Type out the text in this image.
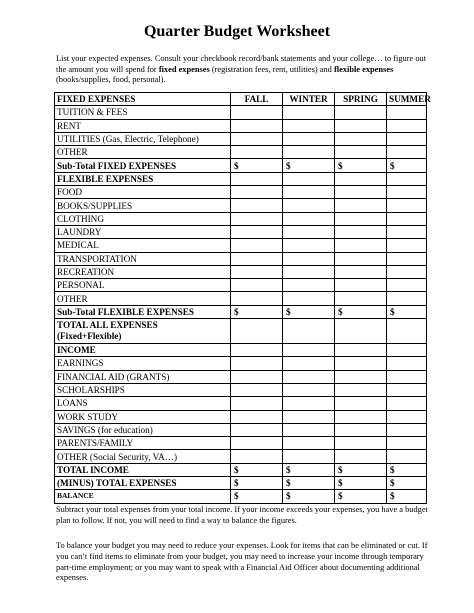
Quarter Budget Worksheet
List your expected expenses. Consult your checkbook record/bank statements and your college… to figure out the amount you will spend for fixed expenses (registration fees, rent, utilities) and flexible expenses (books/supplies, food, personal).
FIXED EXPENSES	FALL	WINTER	SPRING	SUMMER
TUITION & FEES				
RENT				
UTILITIES (Gas, Electric, Telephone)				
OTHER				
Sub-Total FIXED EXPENSES	$	$	$	$
FLEXIBLE EXPENSES				
FOOD				
BOOKS/SUPPLIES				
CLOTHING				
LAUNDRY				
MEDICAL				
TRANSPORTATION				
RECREATION				
PERSONAL				
OTHER				
Sub-Total FLEXIBLE EXPENSES	$	$	$	$
TOTAL ALL EXPENSES
(Fixed+Flexible)				
INCOME				
EARNINGS				
FINANCIAL AID (GRANTS)				
SCHOLARSHIPS				
LOANS				
WORK STUDY				
SAVINGS (for education)				
PARENTS/FAMILY				
OTHER (Social Security, VA…)				
TOTAL INCOME	$	$	$	$
(MINUS) TOTAL EXPENSES	$	$	$	$
BALANCE	$	$	$	$
Subtract your total expenses from your total income. If your income exceeds your expenses, you have a budget plan to follow. If not, you will need to find a way to balance the figures.
To balance your budget you may need to reduce your expenses. Look for items that can be eliminated or cut. If you can’t find items to eliminate from your budget, you may need to increase your income through temporary part-time employment; or you may want to speak with a Financial Aid Officer about documenting additional expenses.
